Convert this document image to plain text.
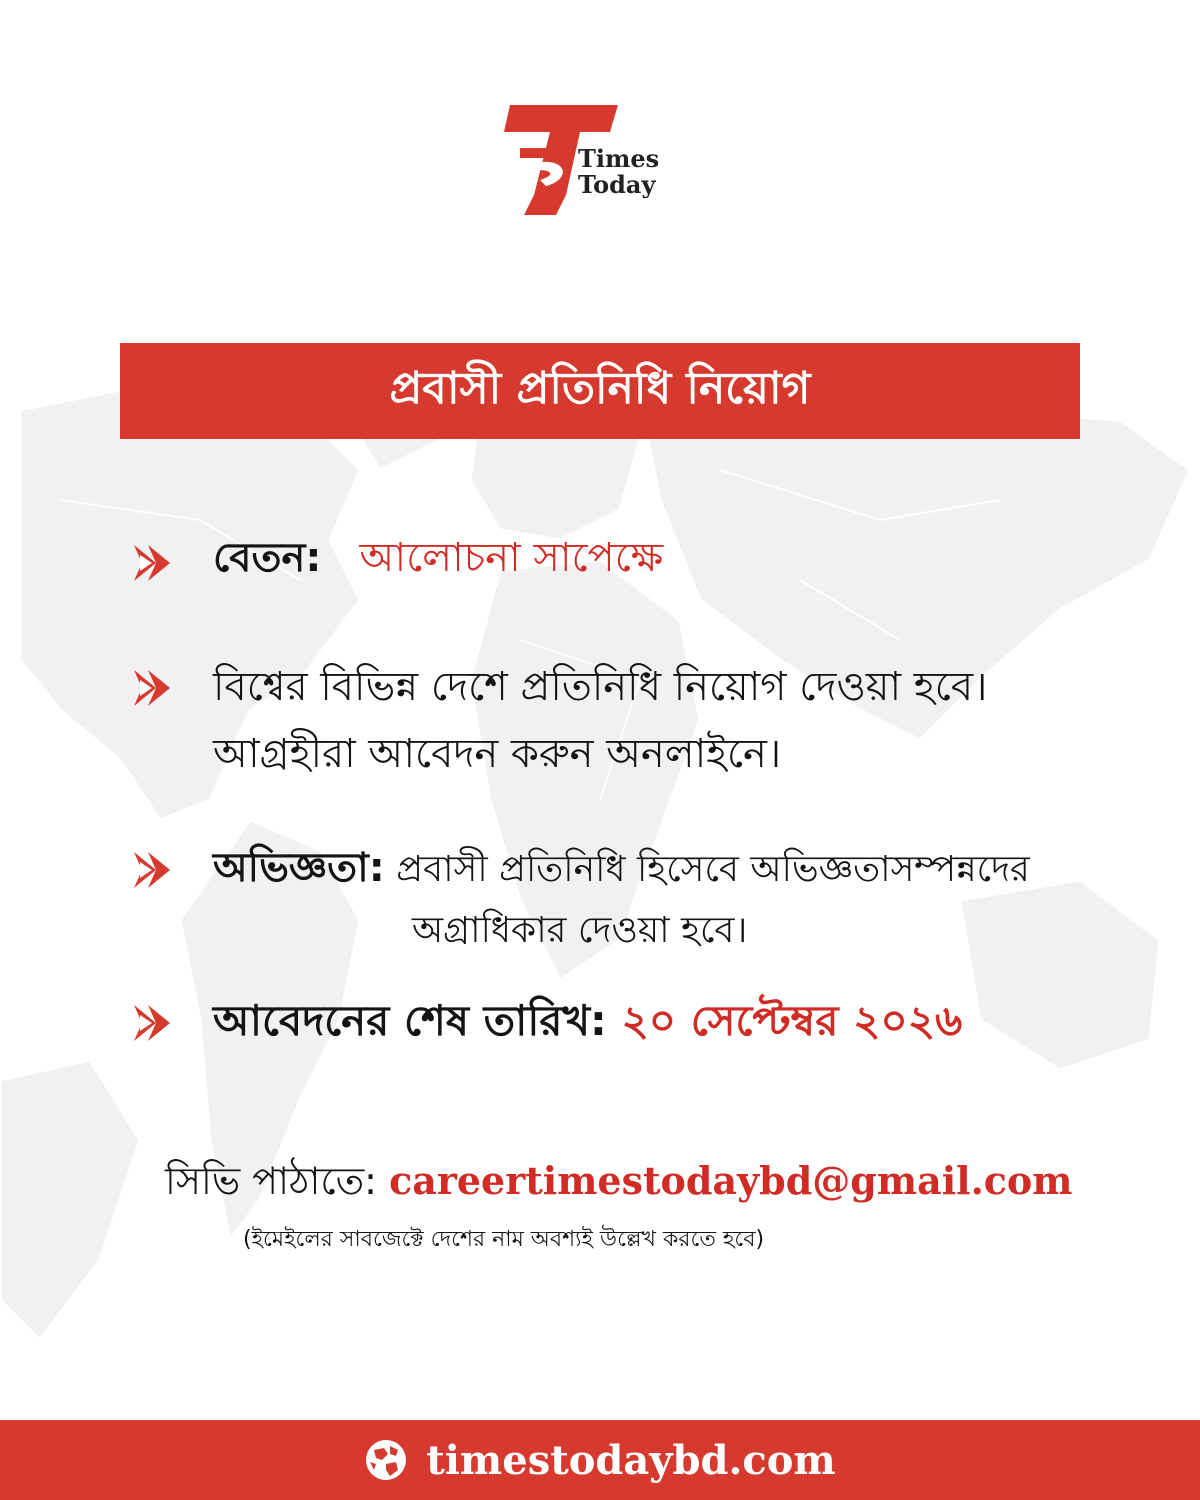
Times
Today
প্রবাসী প্রতিনিধি নিয়োগ
বেতন: আলোচনা সাপেক্ষে
বিশ্বের বিভিন্ন দেশে প্রতিনিধি নিয়োগ দেওয়া হবে।
আগ্রহীরা আবেদন করুন অনলাইনে।
অভিজ্ঞতা: প্রবাসী প্রতিনিধি হিসেবে অভিজ্ঞতাসম্পন্নদের
অগ্রাধিকার দেওয়া হবে।
আবেদনের শেষ তারিখ: ২০ সেপ্টেম্বর ২০২৬
সিভি পাঠাতে: careertimestodaybd@gmail.com
(ইমেইলের সাবজেক্টে দেশের নাম অবশ্যই উল্লেখ করতে হবে)
timestodaybd.com
